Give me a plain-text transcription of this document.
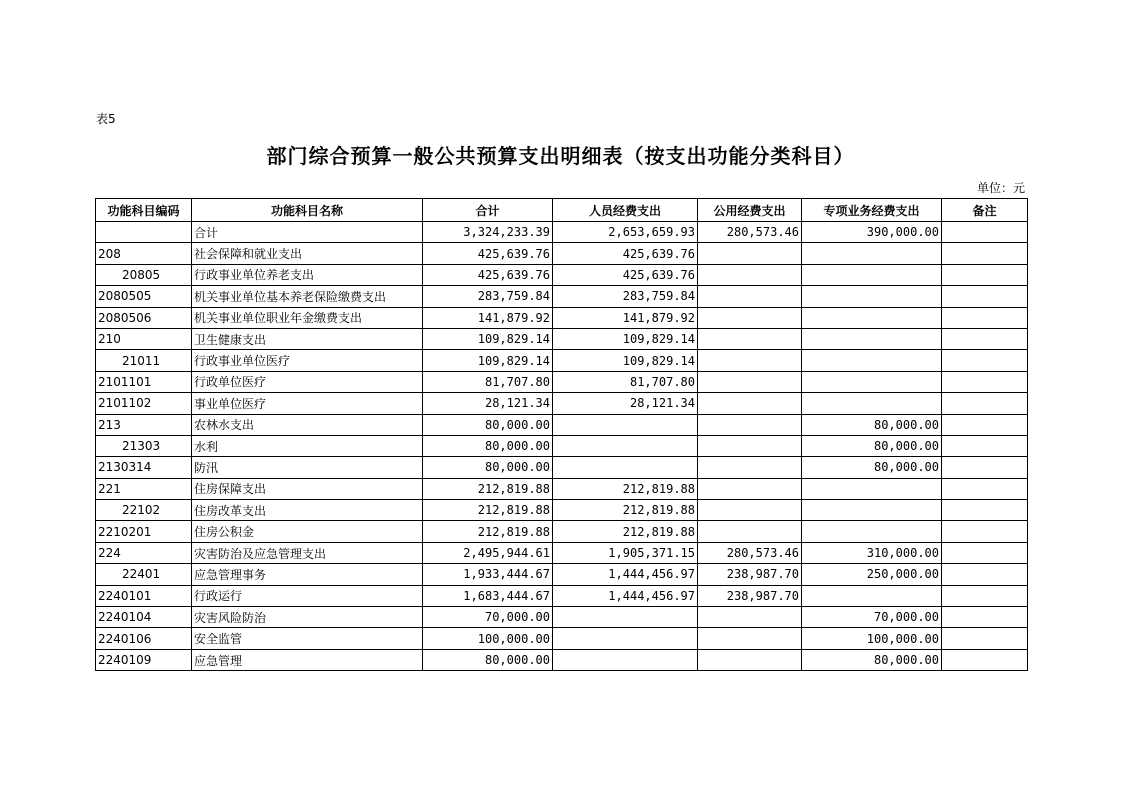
表5
部门综合预算一般公共预算支出明细表（按支出功能分类科目）
单位：元
功能科目编码	功能科目名称	合计	人员经费支出	公用经费支出	专项业务经费支出	备注
	合计	3,324,233.39	2,653,659.93	280,573.46	390,000.00	
208	社会保障和就业支出	425,639.76	425,639.76			
20805	行政事业单位养老支出	425,639.76	425,639.76			
2080505	机关事业单位基本养老保险缴费支出	283,759.84	283,759.84			
2080506	机关事业单位职业年金缴费支出	141,879.92	141,879.92			
210	卫生健康支出	109,829.14	109,829.14			
21011	行政事业单位医疗	109,829.14	109,829.14			
2101101	行政单位医疗	81,707.80	81,707.80			
2101102	事业单位医疗	28,121.34	28,121.34			
213	农林水支出	80,000.00			80,000.00	
21303	水利	80,000.00			80,000.00	
2130314	防汛	80,000.00			80,000.00	
221	住房保障支出	212,819.88	212,819.88			
22102	住房改革支出	212,819.88	212,819.88			
2210201	住房公积金	212,819.88	212,819.88			
224	灾害防治及应急管理支出	2,495,944.61	1,905,371.15	280,573.46	310,000.00	
22401	应急管理事务	1,933,444.67	1,444,456.97	238,987.70	250,000.00	
2240101	行政运行	1,683,444.67	1,444,456.97	238,987.70		
2240104	灾害风险防治	70,000.00			70,000.00	
2240106	安全监管	100,000.00			100,000.00	
2240109	应急管理	80,000.00			80,000.00	
